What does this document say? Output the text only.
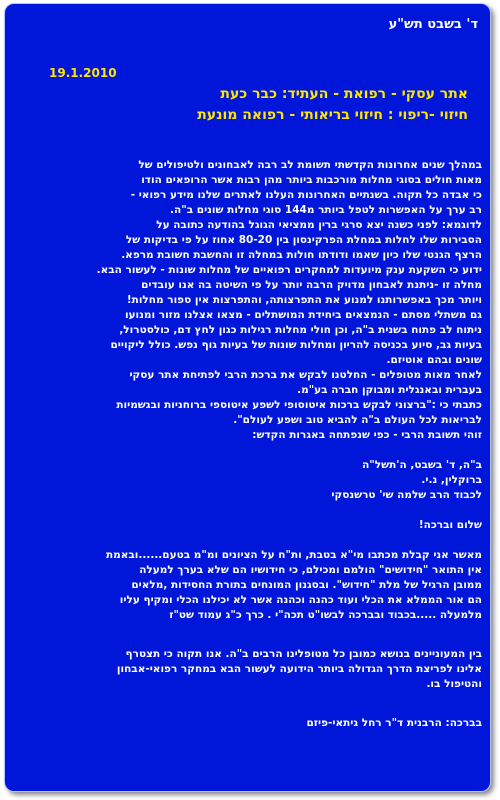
ד' בשבט תש"ע
19.1.2010
אתר עסקי - רפואת - העתיד: כבר כעת
חיזוי -ריפוי : חיזוי בריאותי - רפואה מונעת
במהלך שנים אחרונות הקדשתי תשומת לב רבה לאבחונים ולטיפולים של
מאות חולים בסוגי מחלות מורכבות ביותר מהן רבות אשר הרופאים הודו
כי אבדה כל תקוה. בשנתיים האחרונות העלנו לאתרים שלנו מידע רפואי -
רב ערך על האפשרות לטפל ביותר מ144 סוגי מחלות שונים ב"ה.
לדוגמא: לפני כשנה יצא סרגי ברין ממציאי הגוגל בהודעה כתובה על
הסבירות שלו לחלות במחלת הפרקינסון בין 80-20 אחוז על פי בדיקות של
הרצף הגנטי שלו כיון שאמו ודודתו חולות במחלה זו והחשבת חשובת מרפא.
ידוע כי השקעת ענק מיועדות למחקרים רפואיים של מחלות שונות - לעשור הבא.
מחלה זו -ניתנת לאבחון מדויק הרבה יותר על פי השיטה בה אנו עובדים
ויותר מכך באפשרותנו למנוע את התפרצותה, והתפרצות אין ספור מחלות!
גם משתלי מסתם - הנמצאים ביחידת המושתלים - מצאו אצלנו מזור ומנועו
ניתוח לב פתוח בשנית ב"ה, וכן חולי מחלות רגילות כגון לחץ דם, כולסטרול,
בעיות גב, סיוע בכניסה להריון ומחלות שונות של בעיות גוף נפש. כולל ליקויים
שונים ובהם אוטיזם.
לאחר מאות מטופלים - החלטנו לבקש את ברכת הרבי לפתיחת אתר עסקי
בעברית ובאנגלית ומבוקן חברה בע"מ.
כתבתי כי :"ברצוני לבקש ברכות איטוסופי לשפע איטוספי ברוחניות ובגשמיות
לבריאות לכל העולם ב"ה להביא טוב ושפע לעולם".
זוהי תשובת הרבי - כפי שנפתחה באגרות הקדש:
ב"ה, ד' בשבט, ה'תשל"ה
ברוקלין, נ.י.
לכבוד הרב שלמה שי' טרשנסקי
שלום וברכה!
מאשר אני קבלת מכתבו מי"א בטבת, ות"ח על הציונים ומ"מ בטעם......ובאמת
אין התואר "חידושים" הולמם ומכילם, כי חידושיו הם שלא בערך למעלה
ממובן הרגיל של מלת "חידוש". ובסגנון המונחים בתורת החסידות ,מלאים
הם אור הממלא את הכלי ועוד כהנה וכהנה אשר לא יכילנו הכלי ומקיף עליו
מלמעלה .....בכבוד ובברכה לבשו"ט תכה"י . כרך כ"ג עמוד שט"ז
בין המעוניינים בנושא כמובן כל מטופלינו הרבים ב"ה. אנו תקוה כי תצטרף
אלינו לפריצת הדרך הגדולה ביותר הידועה לעשור הבא במחקר רפואי-אבחון
והטיפול בו.
בברכה: הרבנית ד"ר רחל גיתאי-פיזם
